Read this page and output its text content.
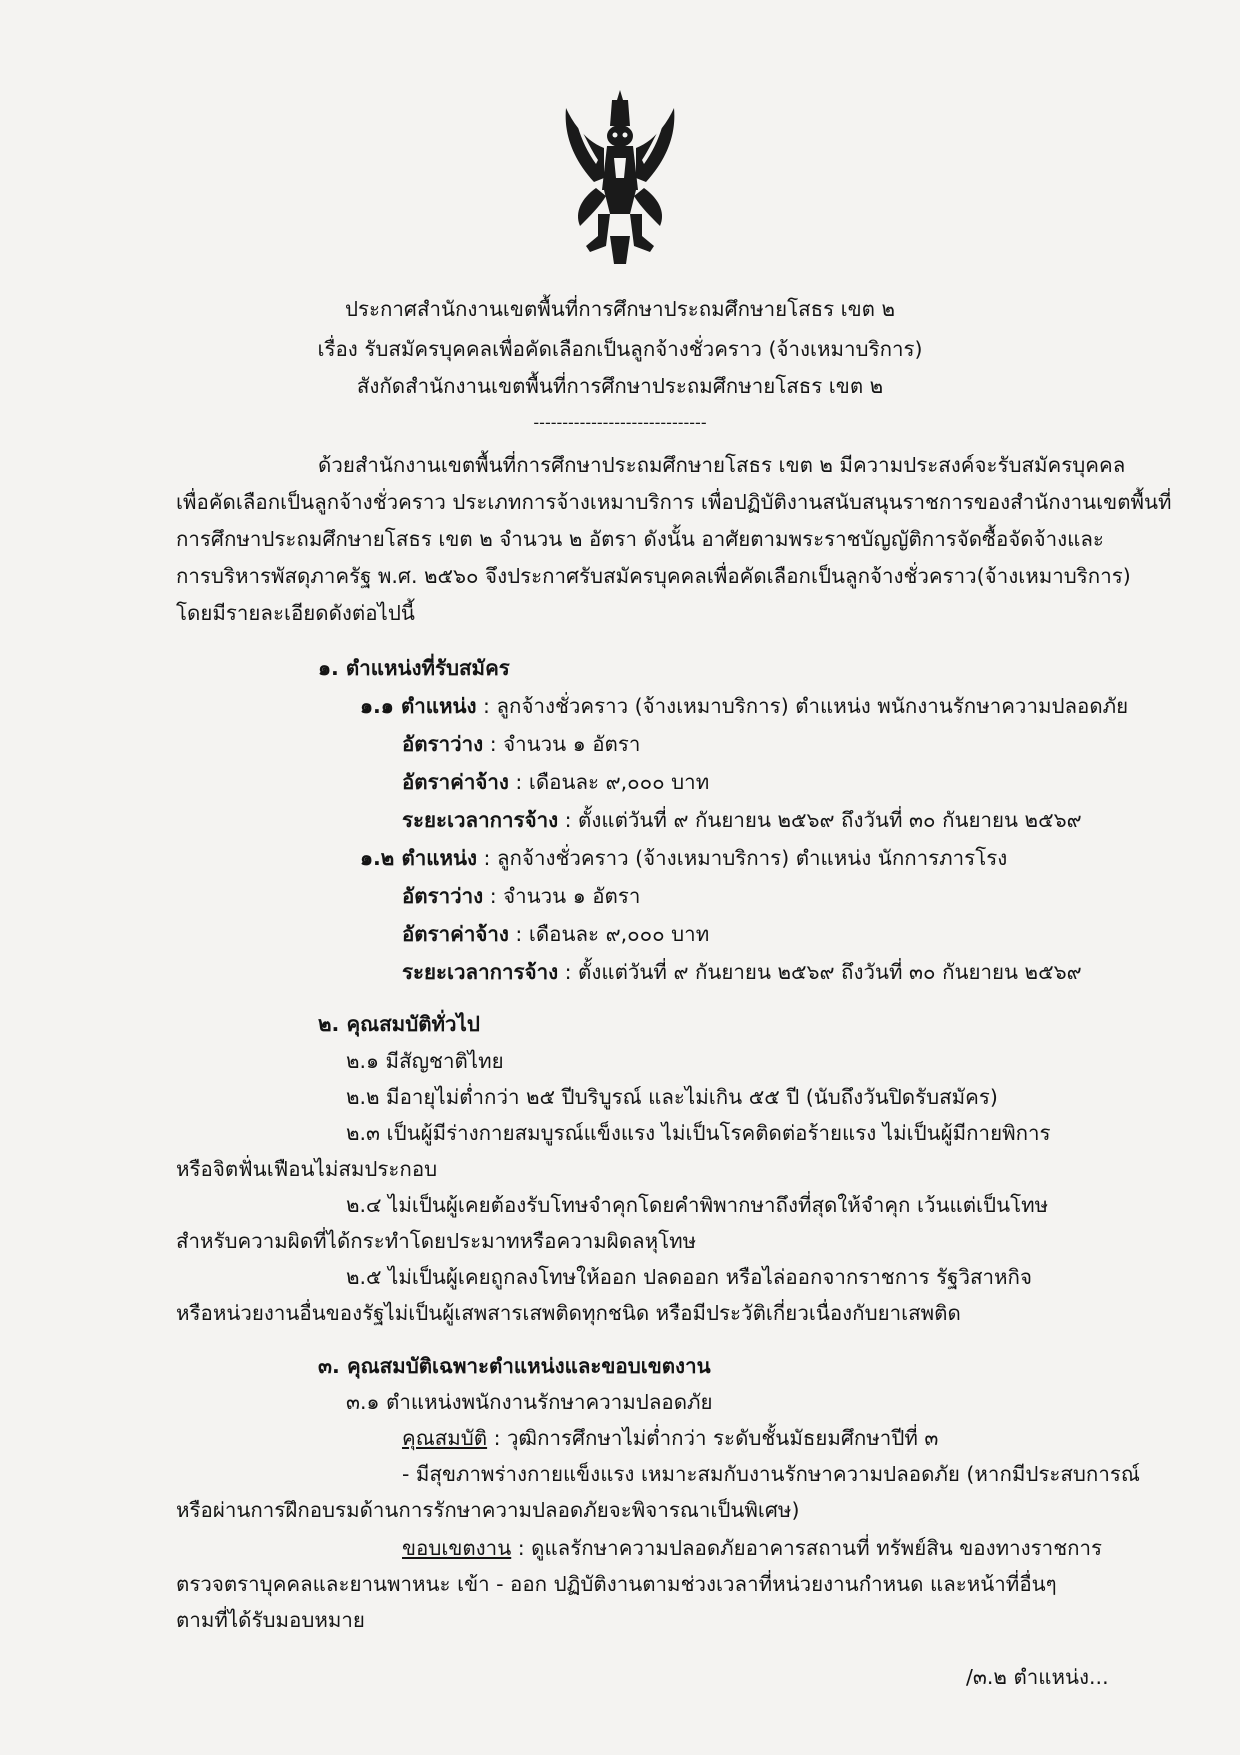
ประกาศสำนักงานเขตพื้นที่การศึกษาประถมศึกษายโสธร เขต ๒
เรื่อง รับสมัครบุคคลเพื่อคัดเลือกเป็นลูกจ้างชั่วคราว (จ้างเหมาบริการ)
สังกัดสำนักงานเขตพื้นที่การศึกษาประถมศึกษายโสธร เขต ๒
------------------------------
ด้วยสำนักงานเขตพื้นที่การศึกษาประถมศึกษายโสธร เขต ๒ มีความประสงค์จะรับสมัครบุคคล
เพื่อคัดเลือกเป็นลูกจ้างชั่วคราว ประเภทการจ้างเหมาบริการ เพื่อปฏิบัติงานสนับสนุนราชการของสำนักงานเขตพื้นที่
การศึกษาประถมศึกษายโสธร เขต ๒ จำนวน ๒ อัตรา ดังนั้น อาศัยตามพระราชบัญญัติการจัดซื้อจัดจ้างและ
การบริหารพัสดุภาครัฐ พ.ศ. ๒๕๖๐ จึงประกาศรับสมัครบุคคลเพื่อคัดเลือกเป็นลูกจ้างชั่วคราว(จ้างเหมาบริการ)
โดยมีรายละเอียดดังต่อไปนี้
๑. ตำแหน่งที่รับสมัคร
๑.๑ ตำแหน่ง : ลูกจ้างชั่วคราว (จ้างเหมาบริการ) ตำแหน่ง พนักงานรักษาความปลอดภัย
อัตราว่าง : จำนวน ๑ อัตรา
อัตราค่าจ้าง : เดือนละ ๙,๐๐๐ บาท
ระยะเวลาการจ้าง : ตั้งแต่วันที่ ๙ กันยายน ๒๕๖๙ ถึงวันที่ ๓๐ กันยายน ๒๕๖๙
๑.๒ ตำแหน่ง : ลูกจ้างชั่วคราว (จ้างเหมาบริการ) ตำแหน่ง นักการภารโรง
อัตราว่าง : จำนวน ๑ อัตรา
อัตราค่าจ้าง : เดือนละ ๙,๐๐๐ บาท
ระยะเวลาการจ้าง : ตั้งแต่วันที่ ๙ กันยายน ๒๕๖๙ ถึงวันที่ ๓๐ กันยายน ๒๕๖๙
๒. คุณสมบัติทั่วไป
๒.๑ มีสัญชาติไทย
๒.๒ มีอายุไม่ต่ำกว่า ๒๕ ปีบริบูรณ์ และไม่เกิน ๕๕ ปี (นับถึงวันปิดรับสมัคร)
๒.๓ เป็นผู้มีร่างกายสมบูรณ์แข็งแรง ไม่เป็นโรคติดต่อร้ายแรง ไม่เป็นผู้มีกายพิการ
หรือจิตฟั่นเฟือนไม่สมประกอบ
๒.๔ ไม่เป็นผู้เคยต้องรับโทษจำคุกโดยคำพิพากษาถึงที่สุดให้จำคุก เว้นแต่เป็นโทษ
สำหรับความผิดที่ได้กระทำโดยประมาทหรือความผิดลหุโทษ
๒.๕ ไม่เป็นผู้เคยถูกลงโทษให้ออก ปลดออก หรือไล่ออกจากราชการ รัฐวิสาหกิจ
หรือหน่วยงานอื่นของรัฐไม่เป็นผู้เสพสารเสพติดทุกชนิด หรือมีประวัติเกี่ยวเนื่องกับยาเสพติด
๓. คุณสมบัติเฉพาะตำแหน่งและขอบเขตงาน
๓.๑ ตำแหน่งพนักงานรักษาความปลอดภัย
คุณสมบัติ : วุฒิการศึกษาไม่ต่ำกว่า ระดับชั้นมัธยมศึกษาปีที่ ๓
- มีสุขภาพร่างกายแข็งแรง เหมาะสมกับงานรักษาความปลอดภัย (หากมีประสบการณ์
หรือผ่านการฝึกอบรมด้านการรักษาความปลอดภัยจะพิจารณาเป็นพิเศษ)
ขอบเขตงาน : ดูแลรักษาความปลอดภัยอาคารสถานที่ ทรัพย์สิน ของทางราชการ
ตรวจตราบุคคลและยานพาหนะ เข้า - ออก ปฏิบัติงานตามช่วงเวลาที่หน่วยงานกำหนด และหน้าที่อื่นๆ
ตามที่ได้รับมอบหมาย
/๓.๒ ตำแหน่ง...
